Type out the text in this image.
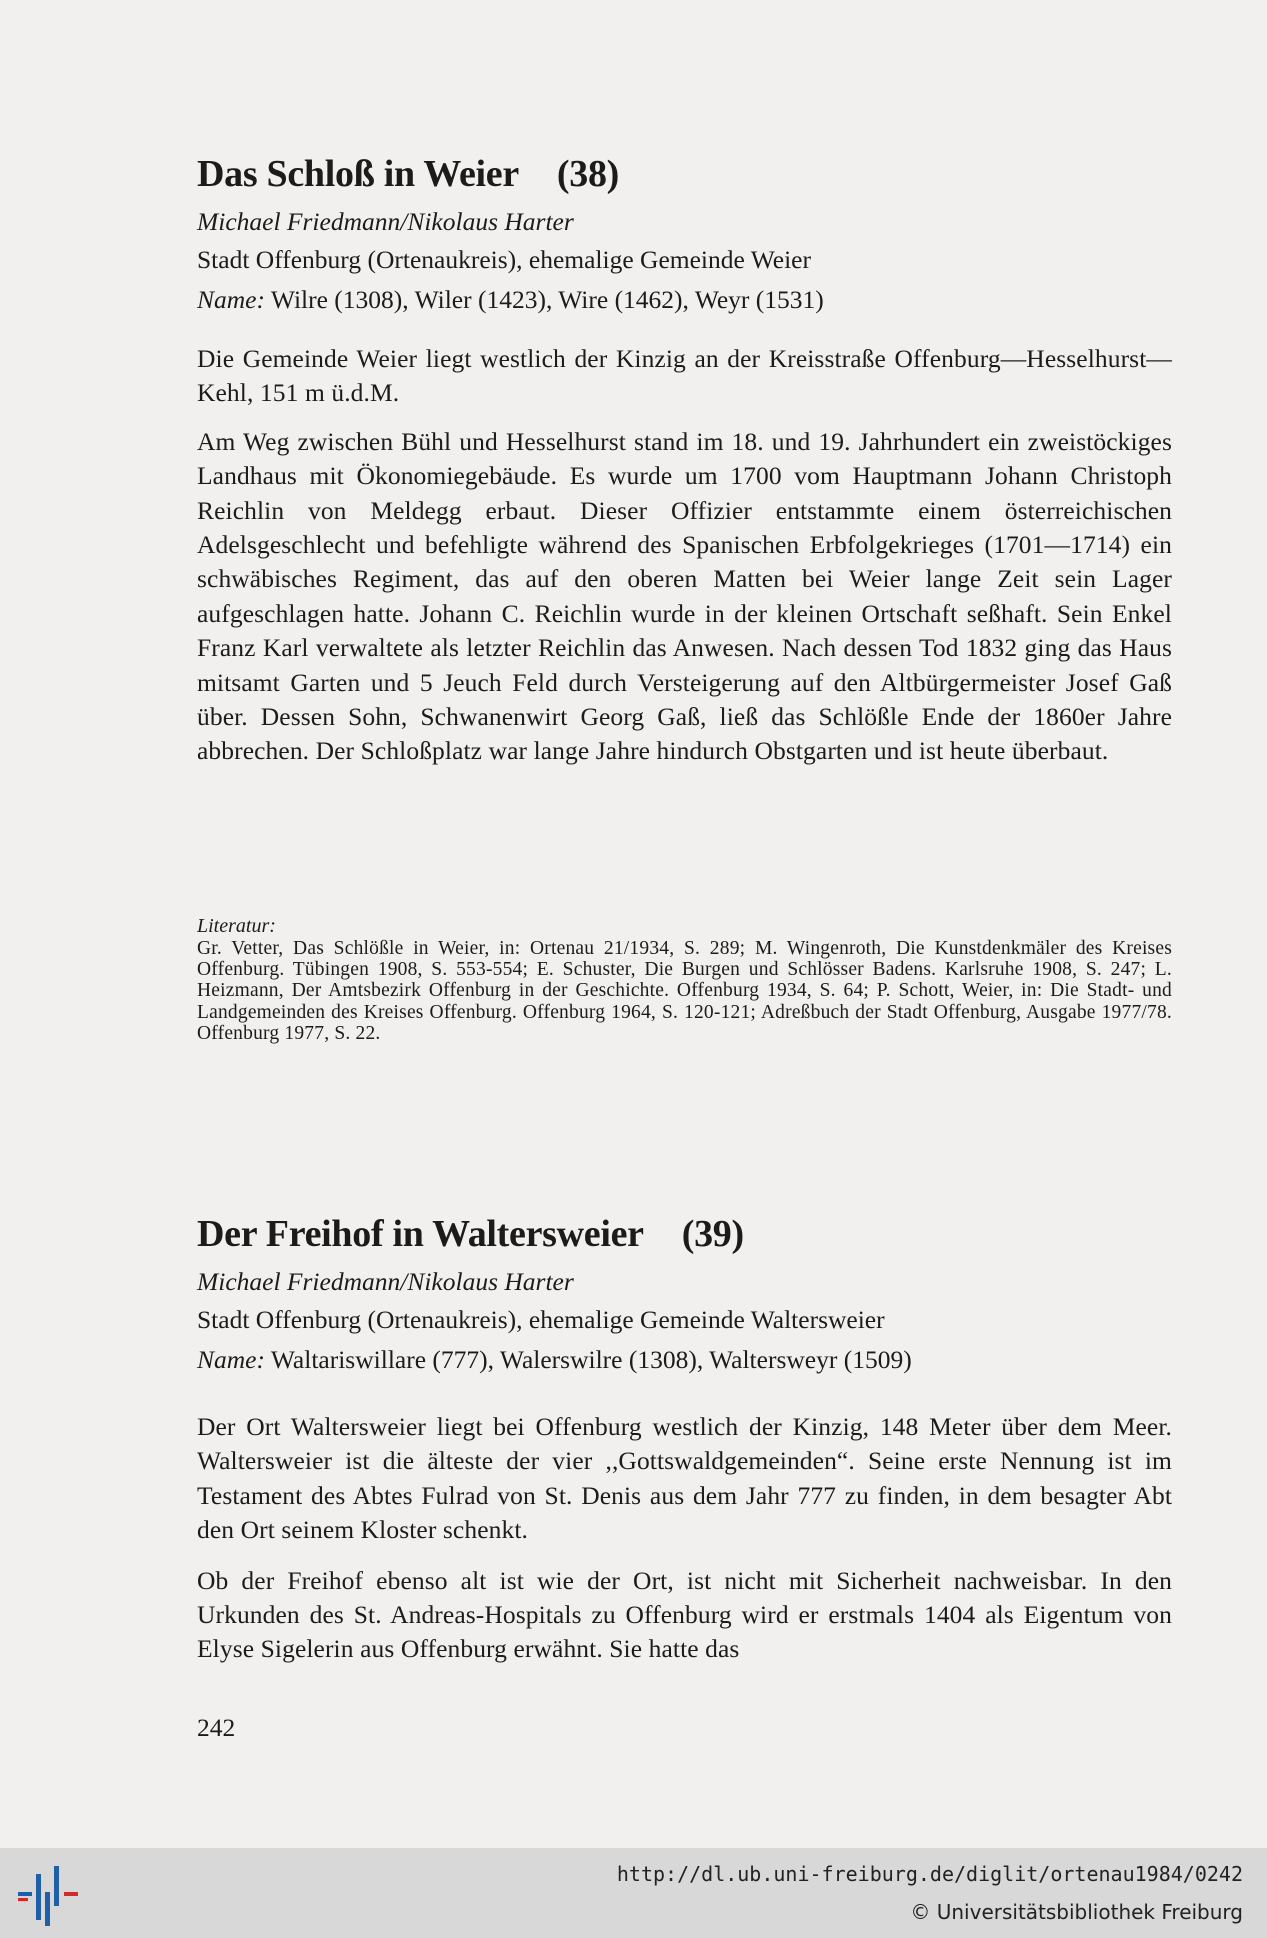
Das Schloß in Weier (38)

Michael Friedmann/Nikolaus Harter

Stadt Offenburg (Ortenaukreis), ehemalige Gemeinde Weier

Name: Wilre (1308), Wiler (1423), Wire (1462), Weyr (1531)

Die Gemeinde Weier liegt westlich der Kinzig an der Kreisstraße Offenburg—Hesselhurst—Kehl, 151 m ü.d.M.

Am Weg zwischen Bühl und Hesselhurst stand im 18. und 19. Jahrhundert ein zweistöckiges Landhaus mit Ökonomiegebäude. Es wurde um 1700 vom Hauptmann Johann Christoph Reichlin von Meldegg erbaut. Dieser Offizier entstammte einem österreichischen Adelsgeschlecht und befehligte während des Spanischen Erbfolgekrieges (1701—1714) ein schwäbisches Regiment, das auf den oberen Matten bei Weier lange Zeit sein Lager aufgeschlagen hatte. Johann C. Reichlin wurde in der kleinen Ortschaft seßhaft. Sein Enkel Franz Karl verwaltete als letzter Reichlin das Anwesen. Nach dessen Tod 1832 ging das Haus mitsamt Garten und 5 Jeuch Feld durch Versteigerung auf den Altbürgermeister Josef Gaß über. Dessen Sohn, Schwanenwirt Georg Gaß, ließ das Schlößle Ende der 1860er Jahre abbrechen. Der Schloßplatz war lange Jahre hindurch Obstgarten und ist heute überbaut.

Literatur:

Gr. Vetter, Das Schlößle in Weier, in: Ortenau 21/1934, S. 289; M. Wingenroth, Die Kunstdenkmäler des Kreises Offenburg. Tübingen 1908, S. 553-554; E. Schuster, Die Burgen und Schlösser Badens. Karlsruhe 1908, S. 247; L. Heizmann, Der Amtsbezirk Offenburg in der Geschichte. Offenburg 1934, S. 64; P. Schott, Weier, in: Die Stadt- und Landgemeinden des Kreises Offenburg. Offenburg 1964, S. 120-121; Adreßbuch der Stadt Offenburg, Ausgabe 1977/78. Offenburg 1977, S. 22.

Der Freihof in Waltersweier (39)

Michael Friedmann/Nikolaus Harter

Stadt Offenburg (Ortenaukreis), ehemalige Gemeinde Waltersweier

Name: Waltariswillare (777), Walerswilre (1308), Waltersweyr (1509)

Der Ort Waltersweier liegt bei Offenburg westlich der Kinzig, 148 Meter über dem Meer. Waltersweier ist die älteste der vier ,,Gottswaldgemeinden“. Seine erste Nennung ist im Testament des Abtes Fulrad von St. Denis aus dem Jahr 777 zu finden, in dem besagter Abt den Ort seinem Kloster schenkt.

Ob der Freihof ebenso alt ist wie der Ort, ist nicht mit Sicherheit nachweisbar. In den Urkunden des St. Andreas-Hospitals zu Offenburg wird er erstmals 1404 als Eigentum von Elyse Sigelerin aus Offenburg erwähnt. Sie hatte das

242
http://dl.ub.uni-freiburg.de/diglit/ortenau1984/0242
© Universitätsbibliothek Freiburg
